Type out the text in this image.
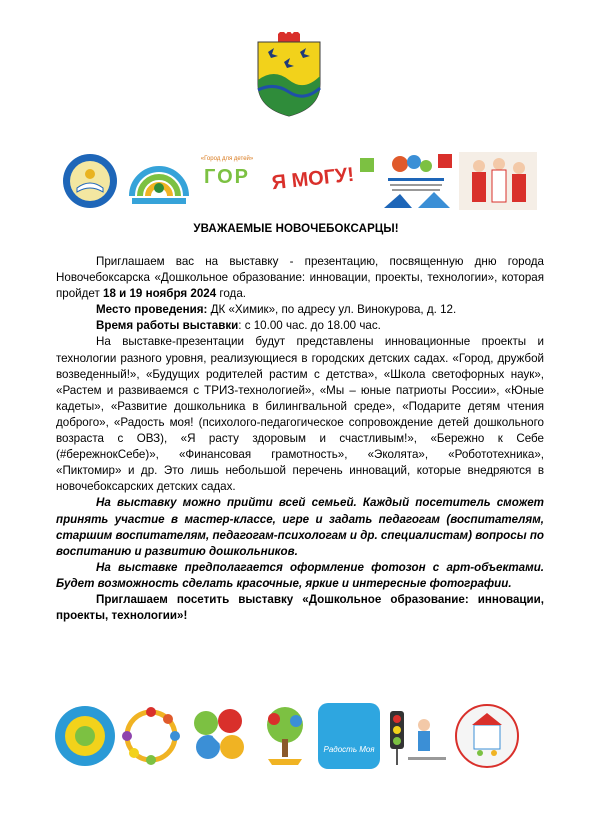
«Город для детей»
ГОР	Я МОГУ!
УВАЖАЕМЫЕ НОВОЧЕБОКСАРЦЫ!

Приглашаем вас на выставку - презентацию, посвященную дню города Новочебоксарска «Дошкольное образование: инновации, проекты, технологии», которая пройдет 18 и 19 ноября 2024 года.

Место проведения: ДК «Химик», по адресу ул. Винокурова, д. 12.

Время работы выставки: с 10.00 час. до 18.00 час.

На выставке-презентации будут представлены инновационные проекты и технологии разного уровня, реализующиеся в городских детских садах. «Город, дружбой возведенный!», «Будущих родителей растим с детства», «Школа светофорных наук», «Растем и развиваемся с ТРИЗ-технологией», «Мы – юные патриоты России», «Юные кадеты», «Развитие дошкольника в билингвальной среде», «Подарите детям чтения доброго», «Радость моя! (психолого-педагогическое сопровождение детей дошкольного возраста с ОВЗ), «Я расту здоровым и счастливым!», «Бережно к Себе (#бережнокСебе)», «Финансовая грамотность», «Эколята», «Робототехника», «Пиктомир» и др. Это лишь небольшой перечень инноваций, которые внедряются в новочебоксарских детских садах.

На выставку можно прийти всей семьей. Каждый посетитель сможет принять участие в мастер-классе, игре и задать педагогам (воспитателям, старшим воспитателям, педагогам-психологам и др. специалистам) вопросы по воспитанию и развитию дошкольников.

На выставке предполагается оформление фотозон с арт-объектами. Будет возможность сделать красочные, яркие и интересные фотографии.

Приглашаем посетить выставку «Дошкольное образование: инновации, проекты, технологии»!

Радость Моя
